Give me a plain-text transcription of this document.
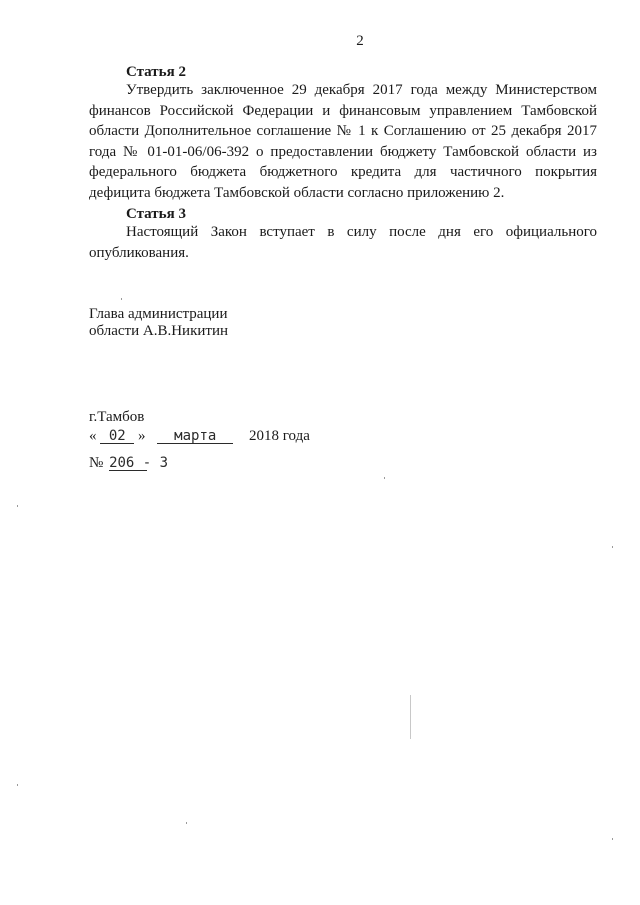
2
Статья 2
Утвердить заключенное 29 декабря 2017 года между Министерством финансов Российской Федерации и финансовым управлением Тамбовской области Дополнительное соглашение № 1 к Соглашению от 25 декабря 2017 года № 01-01-06/06-392 о предоставлении бюджету Тамбовской области из федерального бюджета бюджетного кредита для частичного покрытия дефицита бюджета Тамбовской области согласно приложению 2.
Статья 3
Настоящий Закон вступает в силу после дня его официального опубликования.
Глава администрации
области А.В.Никитин
г.Тамбов
« 02 » марта 2018 года
№ 206 - 3
